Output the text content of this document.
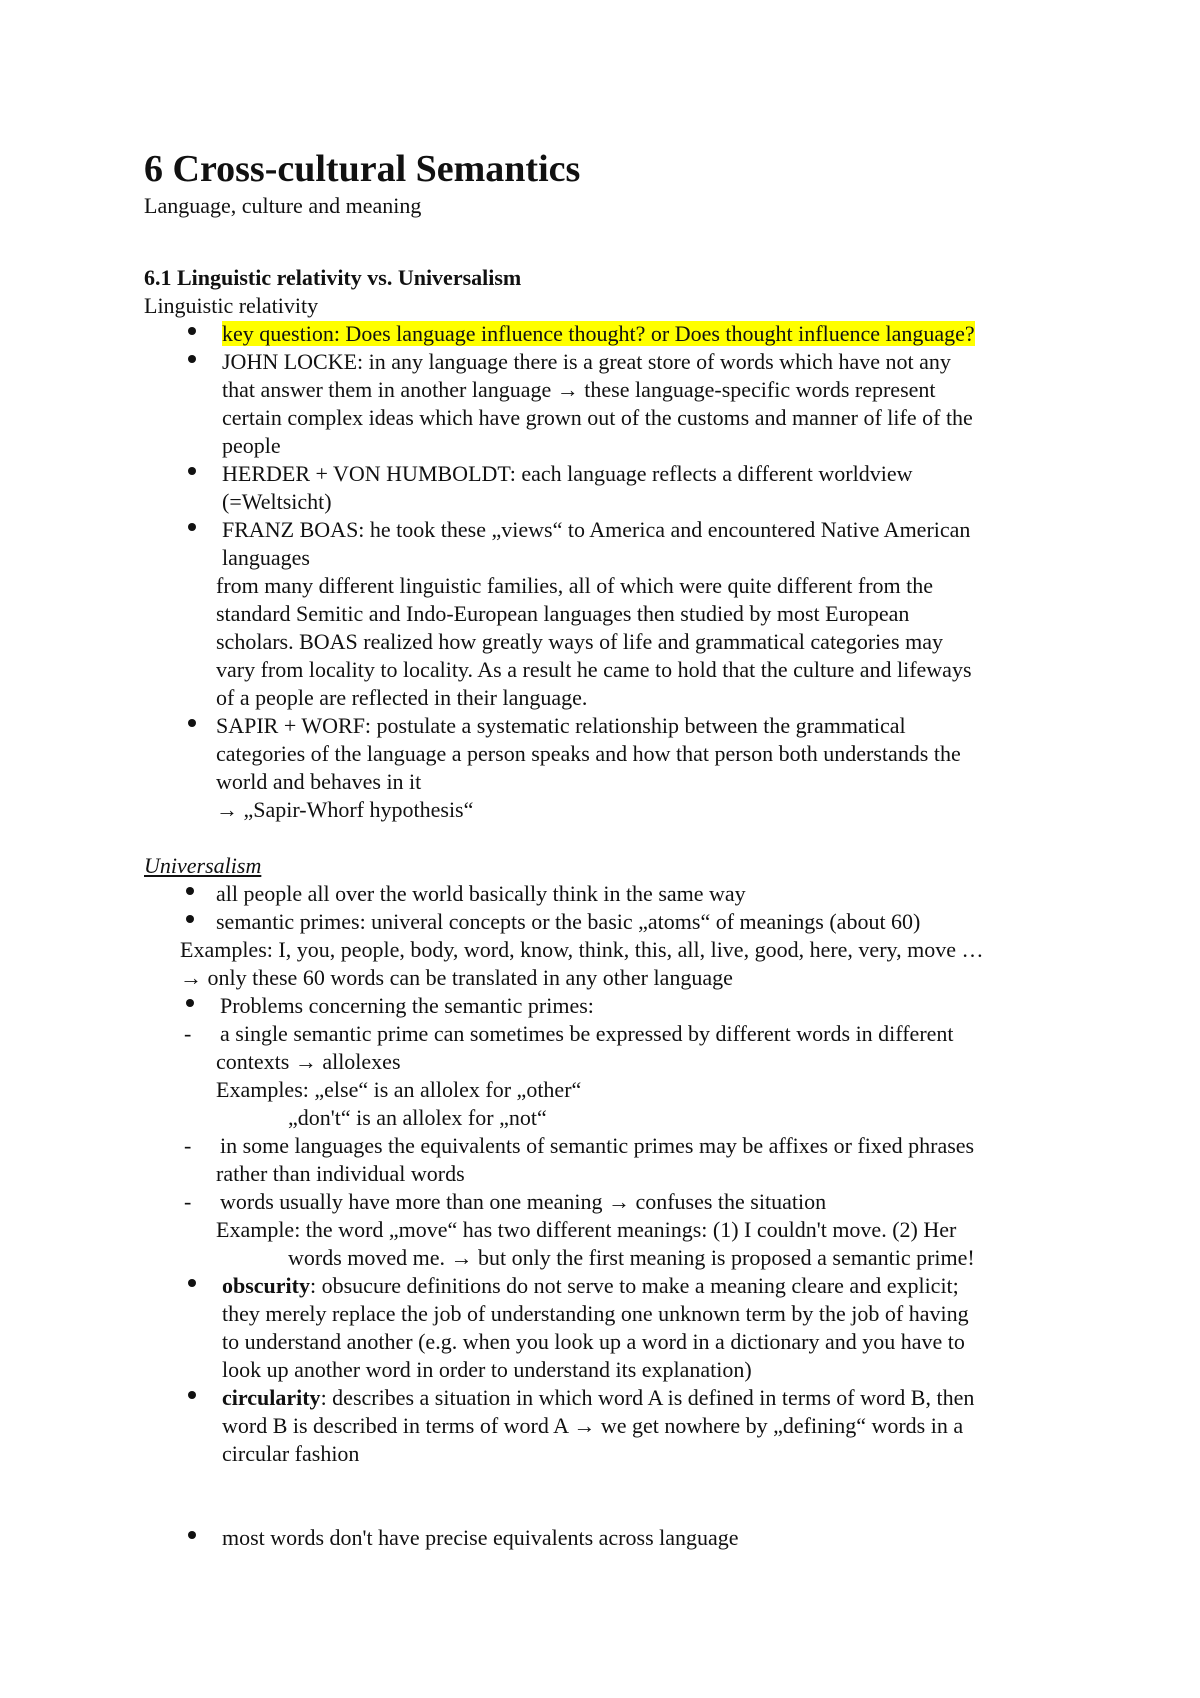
6 Cross-cultural Semantics
Language, culture and meaning
6.1 Linguistic relativity vs. Universalism
Linguistic relativity
key question: Does language influence thought? or Does thought influence language?
JOHN LOCKE: in any language there is a great store of words which have not any
that answer them in another language → these language-specific words represent
certain complex ideas which have grown out of the customs and manner of life of the
people
HERDER + VON HUMBOLDT: each language reflects a different worldview
(=Weltsicht)
FRANZ BOAS: he took these „views“ to America and encountered Native American
languages
from many different linguistic families, all of which were quite different from the
standard Semitic and Indo-European languages then studied by most European
scholars. BOAS realized how greatly ways of life and grammatical categories may
vary from locality to locality. As a result he came to hold that the culture and lifeways
of a people are reflected in their language.
SAPIR + WORF: postulate a systematic relationship between the grammatical
categories of the language a person speaks and how that person both understands the
world and behaves in it
→ „Sapir-Whorf hypothesis“
Universalism
all people all over the world basically think in the same way
semantic primes: univeral concepts or the basic „atoms“ of meanings (about 60)
Examples: I, you, people, body, word, know, think, this, all, live, good, here, very, move …
→ only these 60 words can be translated in any other language
Problems concerning the semantic primes:
- a single semantic prime can sometimes be expressed by different words in different
contexts → allolexes
Examples: „else“ is an allolex for „other“
„don't“ is an allolex for „not“
- in some languages the equivalents of semantic primes may be affixes or fixed phrases
rather than individual words
- words usually have more than one meaning → confuses the situation
Example: the word „move“ has two different meanings: (1) I couldn't move. (2) Her
words moved me. → but only the first meaning is proposed a semantic prime!
obscurity: obsucure definitions do not serve to make a meaning cleare and explicit;
they merely replace the job of understanding one unknown term by the job of having
to understand another (e.g. when you look up a word in a dictionary and you have to
look up another word in order to understand its explanation)
circularity: describes a situation in which word A is defined in terms of word B, then
word B is described in terms of word A → we get nowhere by „defining“ words in a
circular fashion
most words don't have precise equivalents across language
